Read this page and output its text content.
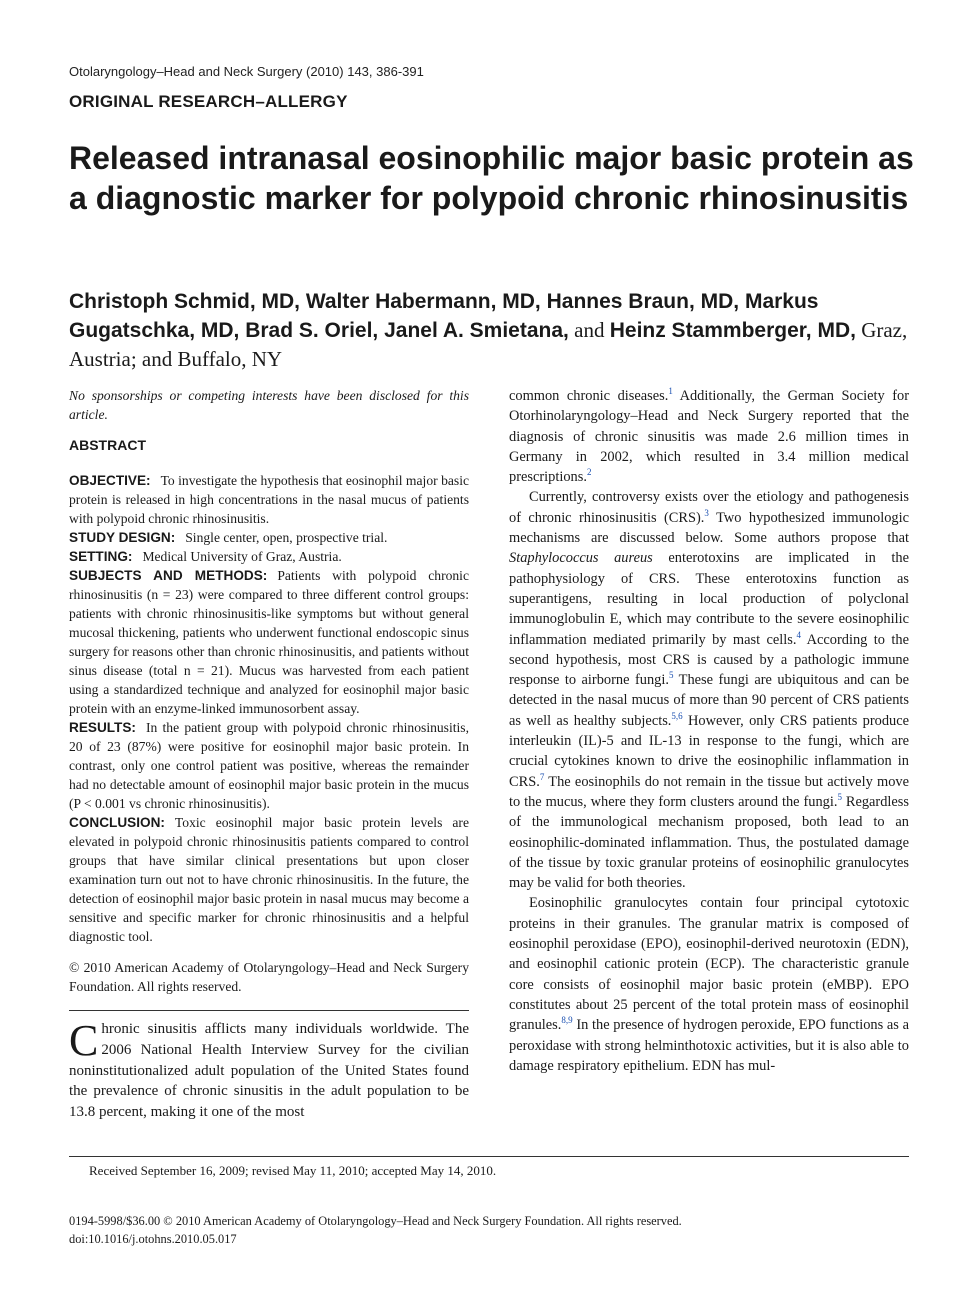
Otolaryngology–Head and Neck Surgery (2010) 143, 386-391
ORIGINAL RESEARCH–ALLERGY
Released intranasal eosinophilic major basic protein as a diagnostic marker for polypoid chronic rhinosinusitis
Christoph Schmid, MD, Walter Habermann, MD, Hannes Braun, MD, Markus Gugatschka, MD, Brad S. Oriel, Janel A. Smietana, and Heinz Stammberger, MD, Graz, Austria; and Buffalo, NY

No sponsorships or competing interests have been disclosed for this article.

ABSTRACT

OBJECTIVE: To investigate the hypothesis that eosinophil major basic protein is released in high concentrations in the nasal mucus of patients with polypoid chronic rhinosinusitis.

STUDY DESIGN: Single center, open, prospective trial.

SETTING: Medical University of Graz, Austria.

SUBJECTS AND METHODS: Patients with polypoid chronic rhinosinusitis (n = 23) were compared to three different control groups: patients with chronic rhinosinusitis-like symptoms but without general mucosal thickening, patients who underwent functional endoscopic sinus surgery for reasons other than chronic rhinosinusitis, and patients without sinus disease (total n = 21). Mucus was harvested from each patient using a standardized technique and analyzed for eosinophil major basic protein with an enzyme-linked immunosorbent assay.

RESULTS: In the patient group with polypoid chronic rhinosinusitis, 20 of 23 (87%) were positive for eosinophil major basic protein. In contrast, only one control patient was positive, whereas the remainder had no detectable amount of eosinophil major basic protein in the mucus (P < 0.001 vs chronic rhinosinusitis).

CONCLUSION: Toxic eosinophil major basic protein levels are elevated in polypoid chronic rhinosinusitis patients compared to control groups that have similar clinical presentations but upon closer examination turn out not to have chronic rhinosinusitis. In the future, the detection of eosinophil major basic protein in nasal mucus may become a sensitive and specific marker for chronic rhinosinusitis and a helpful diagnostic tool.

© 2010 American Academy of Otolaryngology–Head and Neck Surgery Foundation. All rights reserved.

Chronic sinusitis afflicts many individuals worldwide. The 2006 National Health Interview Survey for the civilian noninstitutionalized adult population of the United States found the prevalence of chronic sinusitis in the adult population to be 13.8 percent, making it one of the most

common chronic diseases.$^1$ Additionally, the German Society for Otorhinolaryngology–Head and Neck Surgery reported that the diagnosis of chronic sinusitis was made 2.6 million times in Germany in 2002, which resulted in 3.4 million medical prescriptions.$^2$

Currently, controversy exists over the etiology and pathogenesis of chronic rhinosinusitis (CRS).$^3$ Two hypothesized immunologic mechanisms are discussed below. Some authors propose that Staphylococcus aureus enterotoxins are implicated in the pathophysiology of CRS. These enterotoxins function as superantigens, resulting in local production of polyclonal immunoglobulin E, which may contribute to the severe eosinophilic inflammation mediated primarily by mast cells.$^4$ According to the second hypothesis, most CRS is caused by a pathologic immune response to airborne fungi.$^5$ These fungi are ubiquitous and can be detected in the nasal mucus of more than 90 percent of CRS patients as well as healthy subjects.$^{5,6}$ However, only CRS patients produce interleukin (IL)-5 and IL-13 in response to the fungi, which are crucial cytokines known to drive the eosinophilic inflammation in CRS.$^7$ The eosinophils do not remain in the tissue but actively move to the mucus, where they form clusters around the fungi.$^5$ Regardless of the immunological mechanism proposed, both lead to an eosinophilic-dominated inflammation. Thus, the postulated damage of the tissue by toxic granular proteins of eosinophilic granulocytes may be valid for both theories.

Eosinophilic granulocytes contain four principal cytotoxic proteins in their granules. The granular matrix is composed of eosinophil peroxidase (EPO), eosinophil-derived neurotoxin (EDN), and eosinophil cationic protein (ECP). The characteristic granule core consists of eosinophil major basic protein (eMBP). EPO constitutes about 25 percent of the total protein mass of eosinophil granules.$^{8,9}$ In the presence of hydrogen peroxide, EPO functions as a peroxidase with strong helminthotoxic activities, but it is also able to damage respiratory epithelium. EDN has mul-

Received September 16, 2009; revised May 11, 2010; accepted May 14, 2010.
0194-5998/$36.00 © 2010 American Academy of Otolaryngology–Head and Neck Surgery Foundation. All rights reserved.
doi:10.1016/j.otohns.2010.05.017
